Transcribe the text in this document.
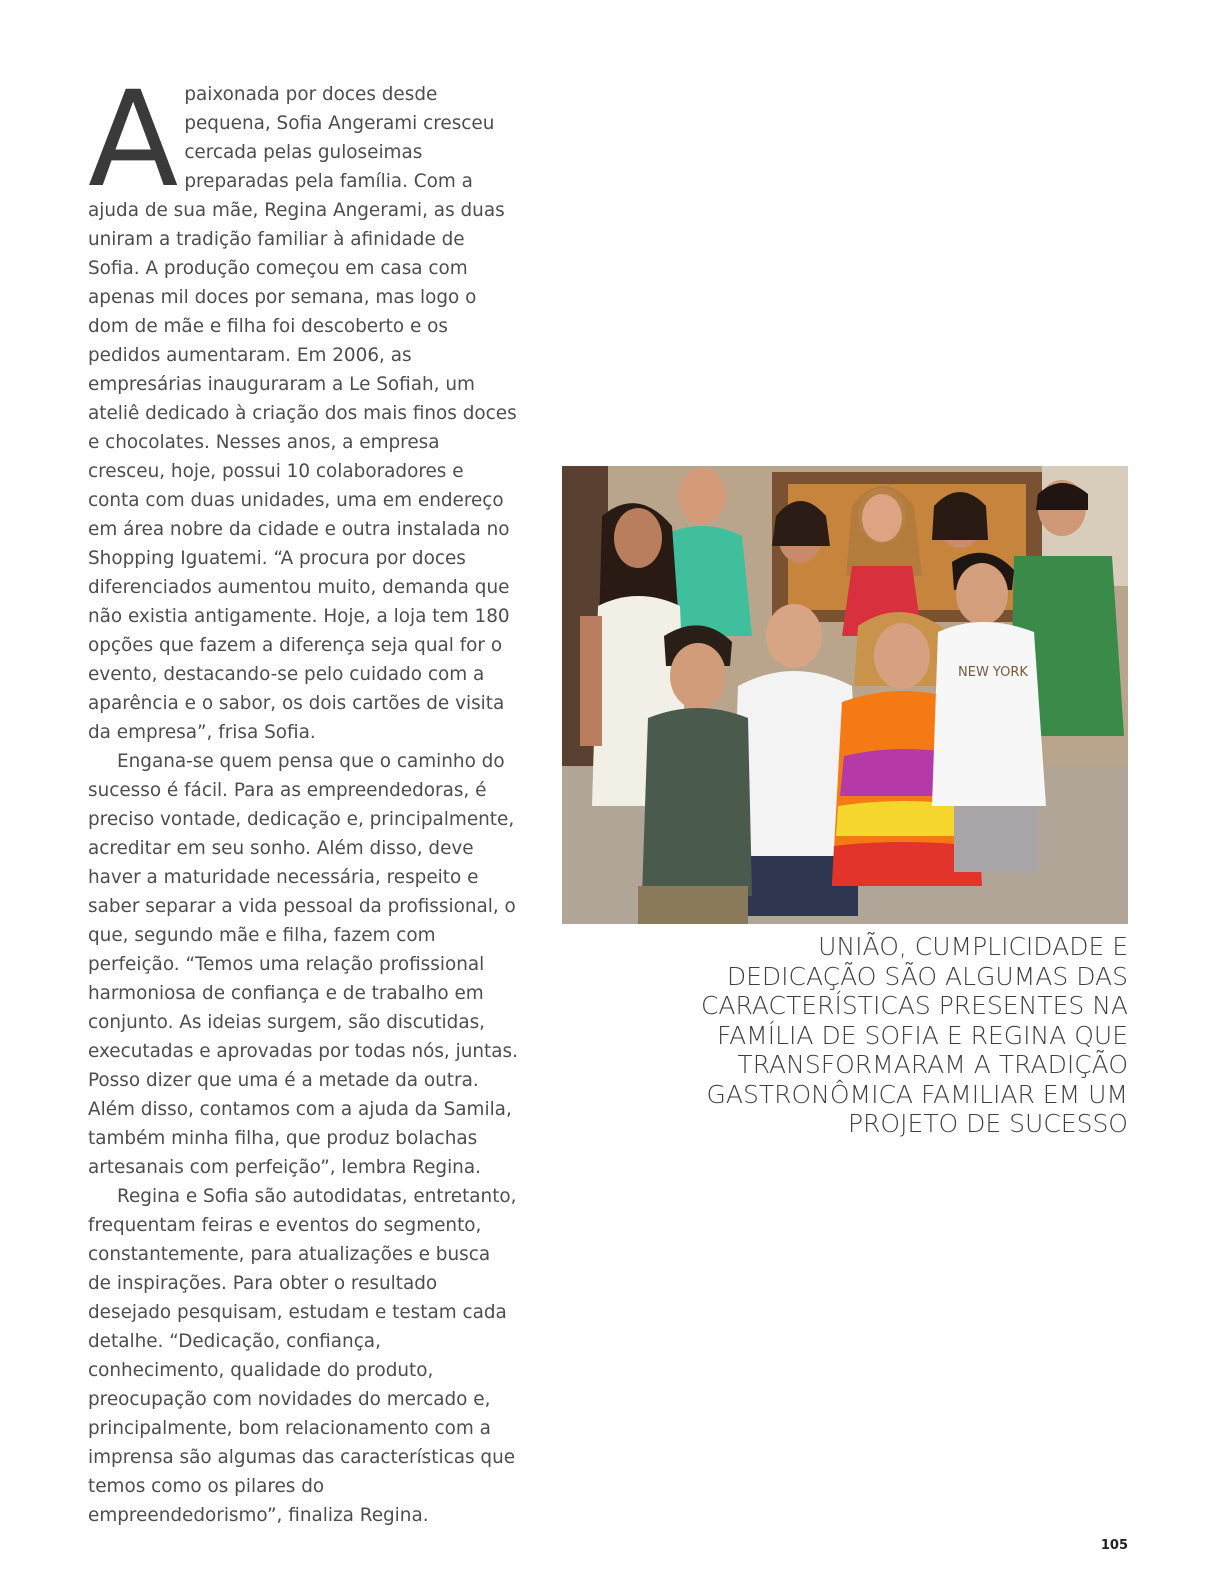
Apaixonada por doces desde pequena, Sofia Angerami cresceu cercada pelas guloseimas preparadas pela família. Com a ajuda de sua mãe, Regina Angerami, as duas uniram a tradição familiar à afinidade de Sofia. A produção começou em casa com apenas mil doces por semana, mas logo o dom de mãe e filha foi descoberto e os pedidos aumentaram. Em 2006, as empresárias inauguraram a Le Sofiah, um ateliê dedicado à criação dos mais finos doces e chocolates. Nesses anos, a empresa cresceu, hoje, possui 10 colaboradores e conta com duas unidades, uma em endereço em área nobre da cidade e outra instalada no Shopping Iguatemi. “A procura por doces diferenciados aumentou muito, demanda que não existia antigamente. Hoje, a loja tem 180 opções que fazem a diferença seja qual for o evento, destacando-se pelo cuidado com a aparência e o sabor, os dois cartões de visita da empresa”, frisa Sofia.

Engana-se quem pensa que o caminho do sucesso é fácil. Para as empreendedoras, é preciso vontade, dedicação e, principalmente, acreditar em seu sonho. Além disso, deve haver a maturidade necessária, respeito e saber separar a vida pessoal da profissional, o que, segundo mãe e filha, fazem com perfeição. “Temos uma relação profissional harmoniosa de confiança e de trabalho em conjunto. As ideias surgem, são discutidas, executadas e aprovadas por todas nós, juntas. Posso dizer que uma é a metade da outra. Além disso, contamos com a ajuda da Samila, também minha filha, que produz bolachas artesanais com perfeição”, lembra Regina.

Regina e Sofia são autodidatas, entretanto, frequentam feiras e eventos do segmento, constantemente, para atualizações e busca de inspirações. Para obter o resultado desejado pesquisam, estudam e testam cada detalhe. “Dedicação, confiança, conhecimento, qualidade do produto, preocupação com novidades do mercado e, principalmente, bom relacionamento com a imprensa são algumas das características que temos como os pilares do empreendedorismo”, finaliza Regina.

NEW YORK
UNIÃO, CUMPLICIDADE E DEDICAÇÃO SÃO ALGUMAS DAS CARACTERÍSTICAS PRESENTES NA FAMÍLIA DE SOFIA E REGINA QUE TRANSFORMARAM A TRADIÇÃO GASTRONÔMICA FAMILIAR EM UM PROJETO DE SUCESSO
105
